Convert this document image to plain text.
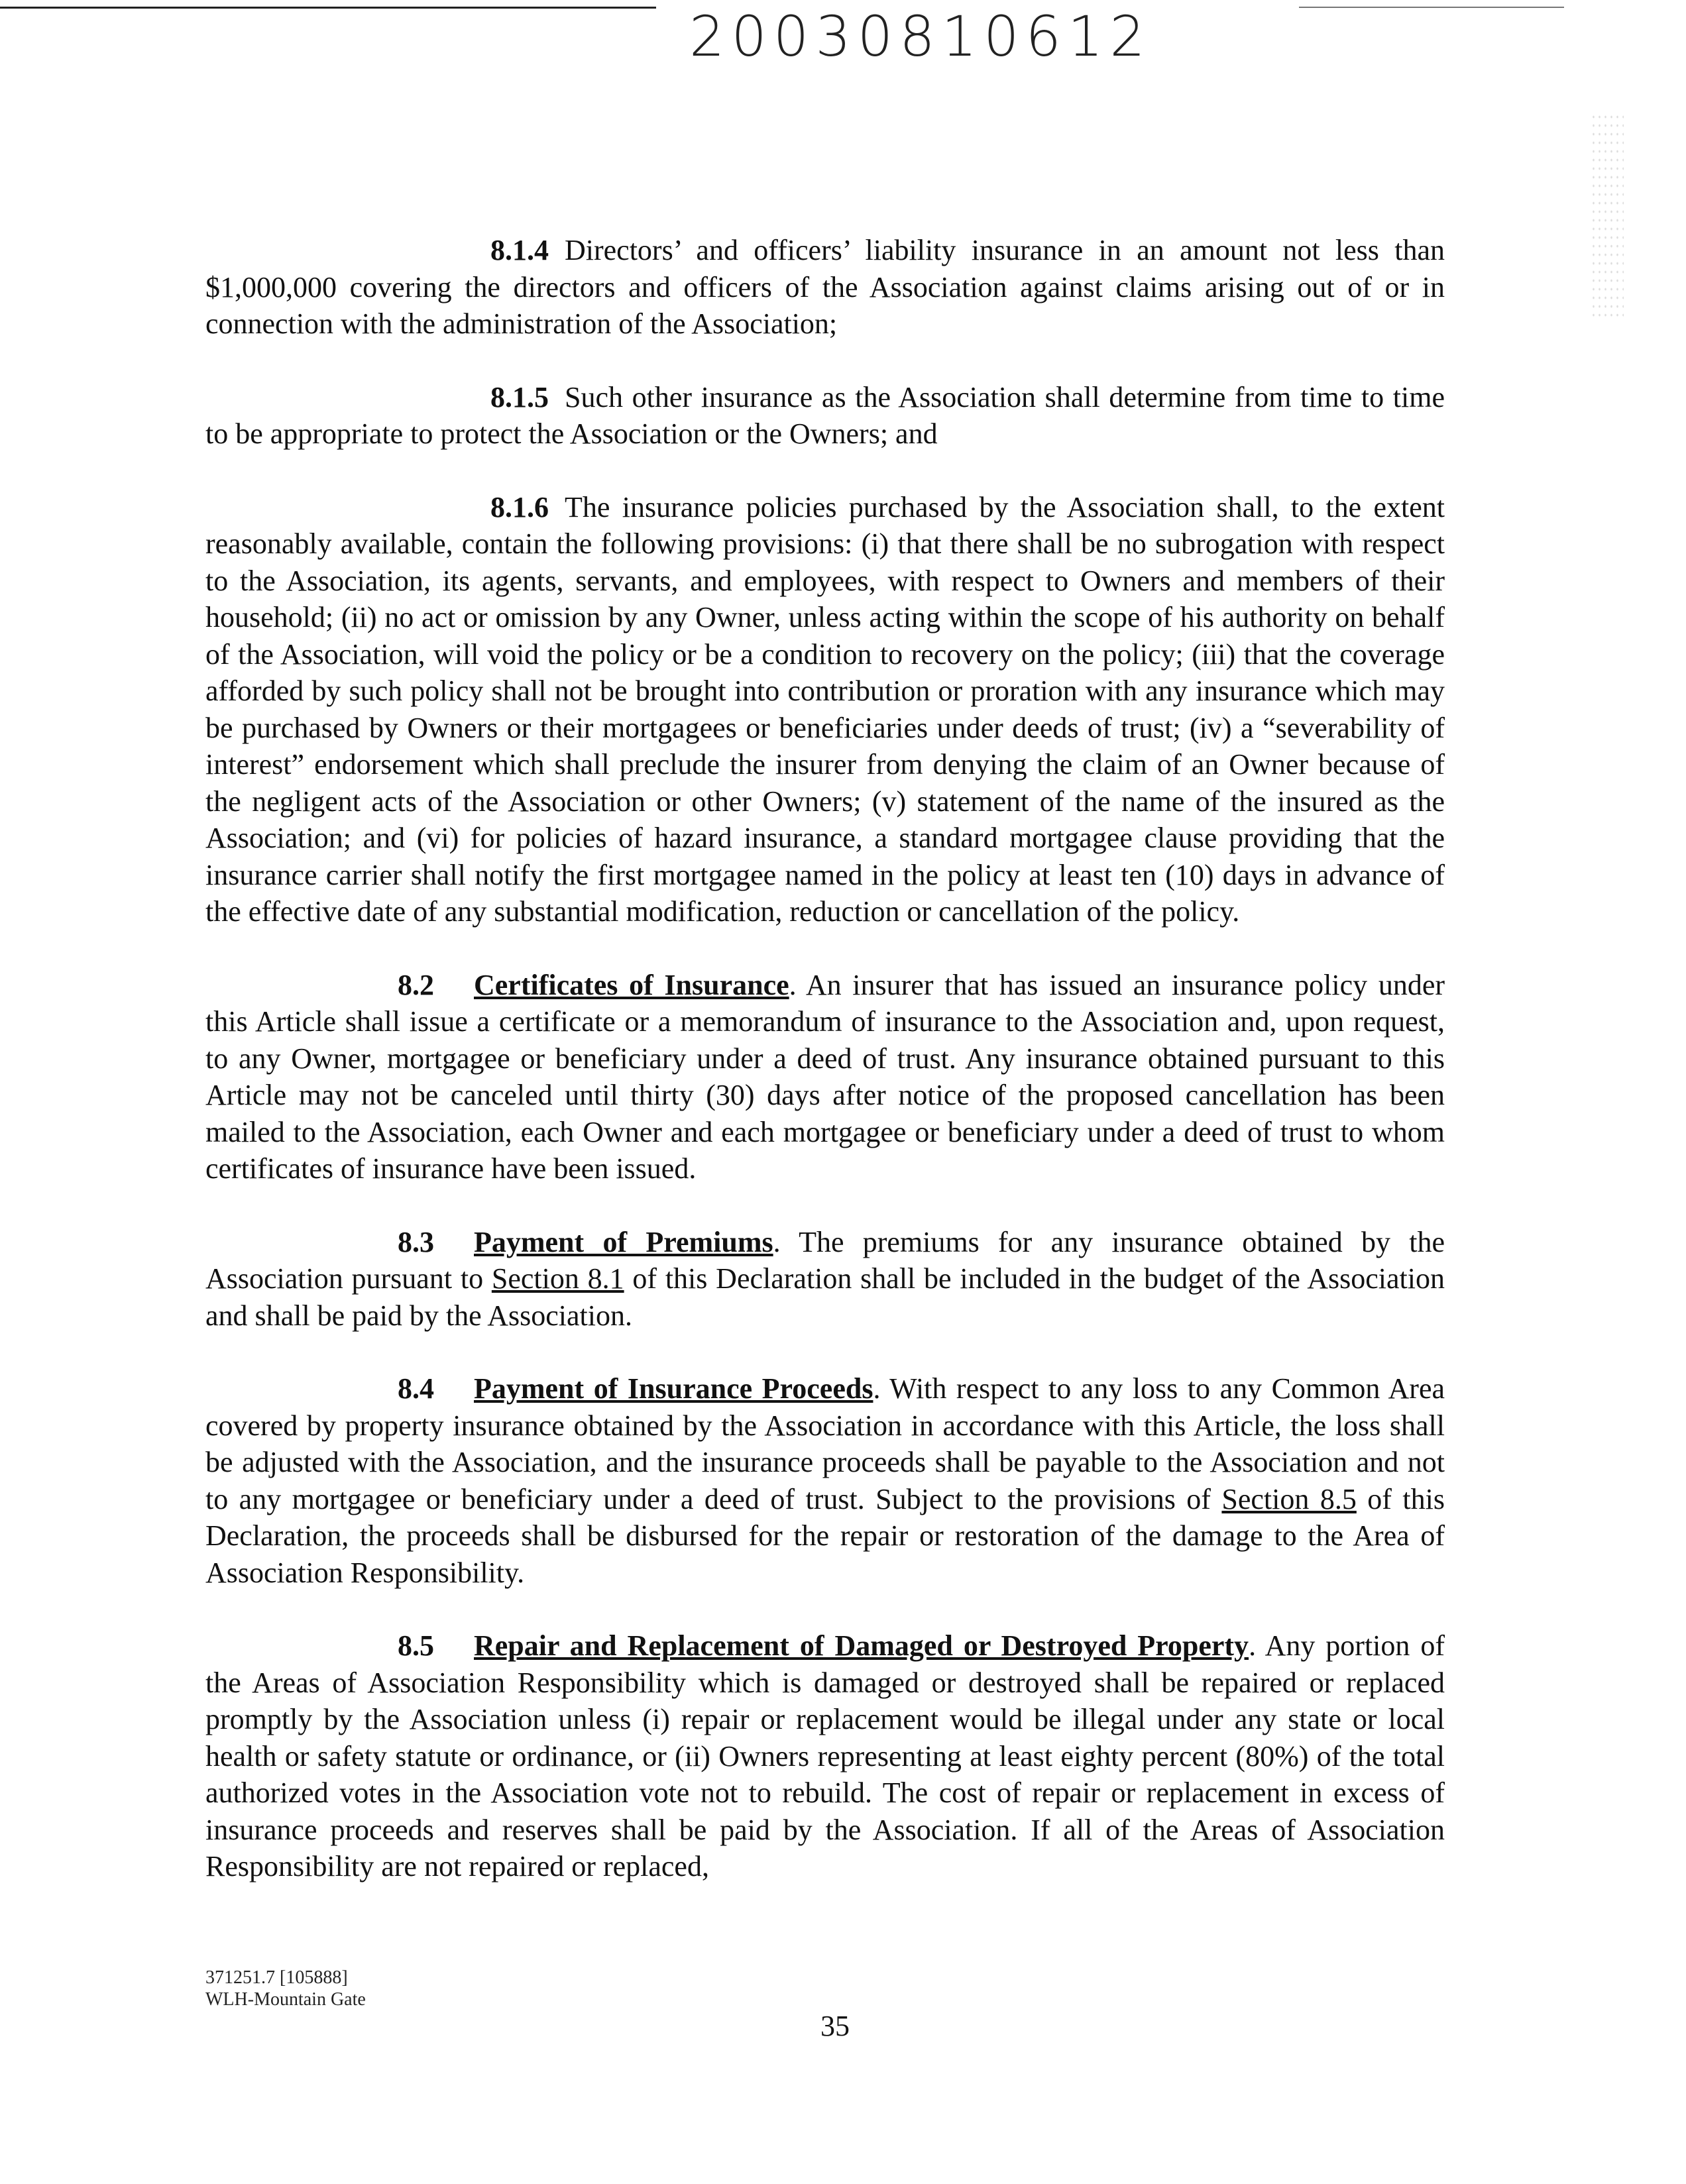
20030810612

8.1.4 Directors’ and officers’ liability insurance in an amount not less than $1,000,000 covering the directors and officers of the Association against claims arising out of or in connection with the administration of the Association;

8.1.5 Such other insurance as the Association shall determine from time to time to be appropriate to protect the Association or the Owners; and

8.1.6 The insurance policies purchased by the Association shall, to the extent reasonably available, contain the following provisions: (i) that there shall be no subrogation with respect to the Association, its agents, servants, and employees, with respect to Owners and members of their household; (ii) no act or omission by any Owner, unless acting within the scope of his authority on behalf of the Association, will void the policy or be a condition to recovery on the policy; (iii) that the coverage afforded by such policy shall not be brought into contribution or proration with any insurance which may be purchased by Owners or their mortgagees or beneficiaries under deeds of trust; (iv) a “severability of interest” endorsement which shall preclude the insurer from denying the claim of an Owner because of the negligent acts of the Association or other Owners; (v) statement of the name of the insured as the Association; and (vi) for policies of hazard insurance, a standard mortgagee clause providing that the insurance carrier shall notify the first mortgagee named in the policy at least ten (10) days in advance of the effective date of any substantial modification, reduction or cancellation of the policy.

8.2 Certificates of Insurance. An insurer that has issued an insurance policy under this Article shall issue a certificate or a memorandum of insurance to the Association and, upon request, to any Owner, mortgagee or beneficiary under a deed of trust. Any insurance obtained pursuant to this Article may not be canceled until thirty (30) days after notice of the proposed cancellation has been mailed to the Association, each Owner and each mortgagee or beneficiary under a deed of trust to whom certificates of insurance have been issued.

8.3 Payment of Premiums. The premiums for any insurance obtained by the Association pursuant to Section 8.1 of this Declaration shall be included in the budget of the Association and shall be paid by the Association.

8.4 Payment of Insurance Proceeds. With respect to any loss to any Common Area covered by property insurance obtained by the Association in accordance with this Article, the loss shall be adjusted with the Association, and the insurance proceeds shall be payable to the Association and not to any mortgagee or beneficiary under a deed of trust. Subject to the provisions of Section 8.5 of this Declaration, the proceeds shall be disbursed for the repair or restoration of the damage to the Area of Association Responsibility.

8.5 Repair and Replacement of Damaged or Destroyed Property. Any portion of the Areas of Association Responsibility which is damaged or destroyed shall be repaired or replaced promptly by the Association unless (i) repair or replacement would be illegal under any state or local health or safety statute or ordinance, or (ii) Owners representing at least eighty percent (80%) of the total authorized votes in the Association vote not to rebuild. The cost of repair or replacement in excess of insurance proceeds and reserves shall be paid by the Association. If all of the Areas of Association Responsibility are not repaired or replaced,

371251.7 [105888]
WLH-Mountain Gate
35
